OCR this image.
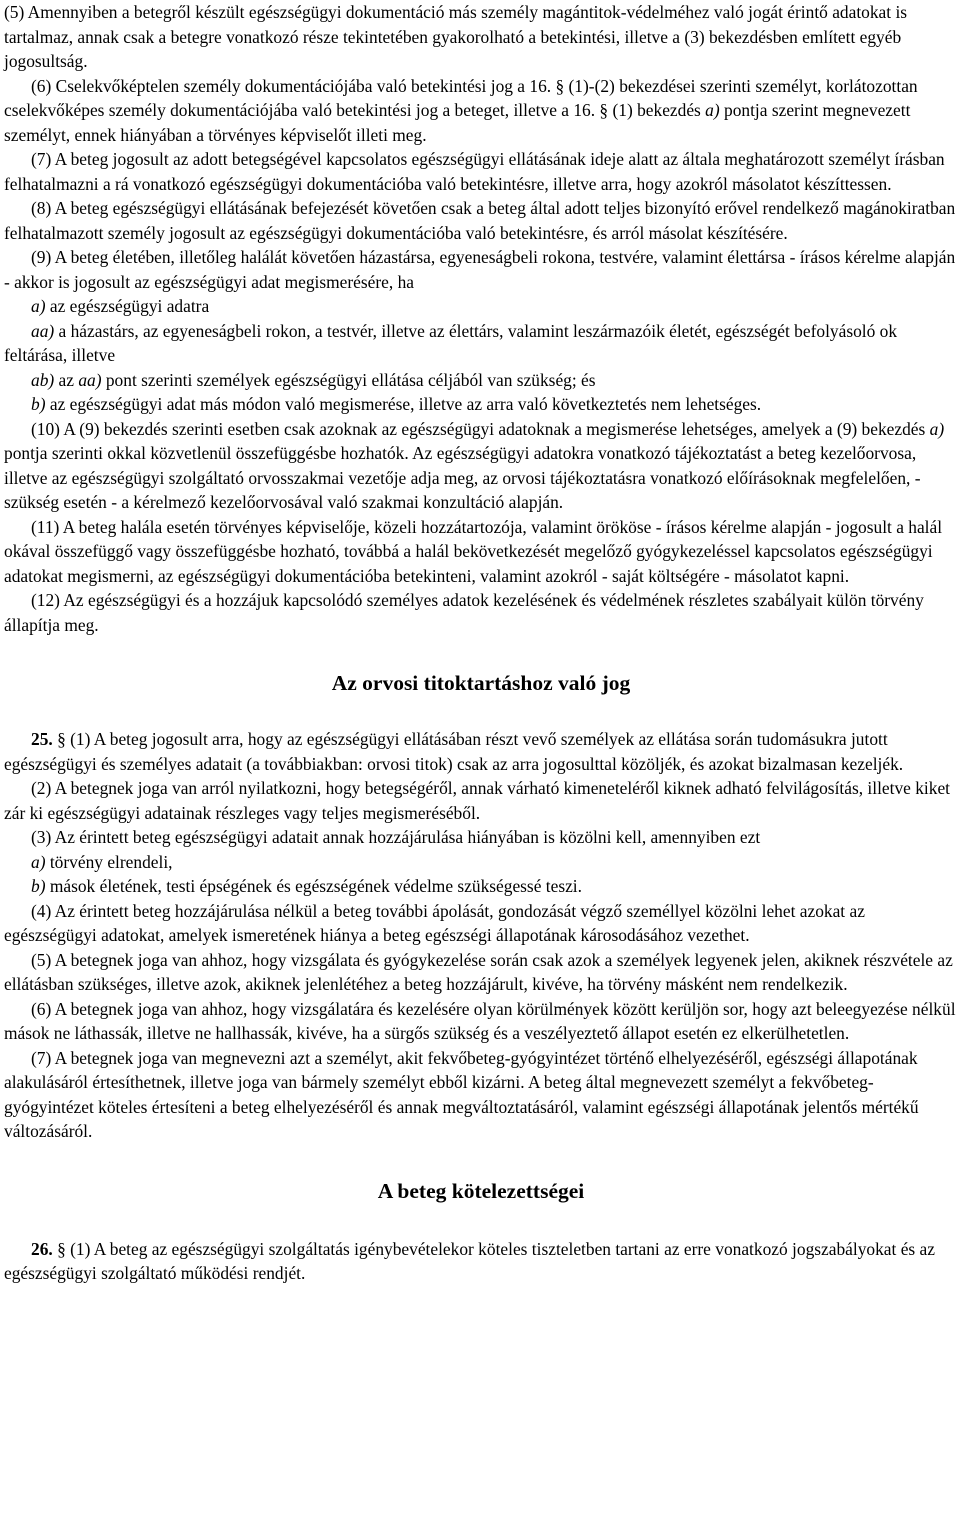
(5) Amennyiben a betegről készült egészségügyi dokumentáció más személy magántitok-védelméhez való jogát érintő adatokat is tartalmaz, annak csak a betegre vonatkozó része tekintetében gyakorolható a betekintési, illetve a (3) bekezdésben említett egyéb jogosultság.

(6) Cselekvőképtelen személy dokumentációjába való betekintési jog a 16. § (1)-(2) bekezdései szerinti személyt, korlátozottan cselekvőképes személy dokumentációjába való betekintési jog a beteget, illetve a 16. § (1) bekezdés a) pontja szerint megnevezett személyt, ennek hiányában a törvényes képviselőt illeti meg.

(7) A beteg jogosult az adott betegségével kapcsolatos egészségügyi ellátásának ideje alatt az általa meghatározott személyt írásban felhatalmazni a rá vonatkozó egészségügyi dokumentációba való betekintésre, illetve arra, hogy azokról másolatot készíttessen.

(8) A beteg egészségügyi ellátásának befejezését követően csak a beteg által adott teljes bizonyító erővel rendelkező magánokiratban felhatalmazott személy jogosult az egészségügyi dokumentációba való betekintésre, és arról másolat készítésére.

(9) A beteg életében, illetőleg halálát követően házastársa, egyeneságbeli rokona, testvére, valamint élettársa - írásos kérelme alapján - akkor is jogosult az egészségügyi adat megismerésére, ha

a) az egészségügyi adatra

aa) a házastárs, az egyeneságbeli rokon, a testvér, illetve az élettárs, valamint leszármazóik életét, egészségét befolyásoló ok feltárása, illetve

ab) az aa) pont szerinti személyek egészségügyi ellátása céljából van szükség; és

b) az egészségügyi adat más módon való megismerése, illetve az arra való következtetés nem lehetséges.

(10) A (9) bekezdés szerinti esetben csak azoknak az egészségügyi adatoknak a megismerése lehetséges, amelyek a (9) bekezdés a) pontja szerinti okkal közvetlenül összefüggésbe hozhatók. Az egészségügyi adatokra vonatkozó tájékoztatást a beteg kezelőorvosa, illetve az egészségügyi szolgáltató orvosszakmai vezetője adja meg, az orvosi tájékoztatásra vonatkozó előírásoknak megfelelően, - szükség esetén - a kérelmező kezelőorvosával való szakmai konzultáció alapján.

(11) A beteg halála esetén törvényes képviselője, közeli hozzátartozója, valamint örököse - írásos kérelme alapján - jogosult a halál okával összefüggő vagy összefüggésbe hozható, továbbá a halál bekövetkezését megelőző gyógykezeléssel kapcsolatos egészségügyi adatokat megismerni, az egészségügyi dokumentációba betekinteni, valamint azokról - saját költségére - másolatot kapni.

(12) Az egészségügyi és a hozzájuk kapcsolódó személyes adatok kezelésének és védelmének részletes szabályait külön törvény állapítja meg.

Az orvosi titoktartáshoz való jog

25. § (1) A beteg jogosult arra, hogy az egészségügyi ellátásában részt vevő személyek az ellátása során tudomásukra jutott egészségügyi és személyes adatait (a továbbiakban: orvosi titok) csak az arra jogosulttal közöljék, és azokat bizalmasan kezeljék.

(2) A betegnek joga van arról nyilatkozni, hogy betegségéről, annak várható kimeneteléről kiknek adható felvilágosítás, illetve kiket zár ki egészségügyi adatainak részleges vagy teljes megismeréséből.

(3) Az érintett beteg egészségügyi adatait annak hozzájárulása hiányában is közölni kell, amennyiben ezt

a) törvény elrendeli,

b) mások életének, testi épségének és egészségének védelme szükségessé teszi.

(4) Az érintett beteg hozzájárulása nélkül a beteg további ápolását, gondozását végző személlyel közölni lehet azokat az egészségügyi adatokat, amelyek ismeretének hiánya a beteg egészségi állapotának károsodásához vezethet.

(5) A betegnek joga van ahhoz, hogy vizsgálata és gyógykezelése során csak azok a személyek legyenek jelen, akiknek részvétele az ellátásban szükséges, illetve azok, akiknek jelenlétéhez a beteg hozzájárult, kivéve, ha törvény másként nem rendelkezik.

(6) A betegnek joga van ahhoz, hogy vizsgálatára és kezelésére olyan körülmények között kerüljön sor, hogy azt beleegyezése nélkül mások ne láthassák, illetve ne hallhassák, kivéve, ha a sürgős szükség és a veszélyeztető állapot esetén ez elkerülhetetlen.

(7) A betegnek joga van megnevezni azt a személyt, akit fekvőbeteg-gyógyintézet történő elhelyezéséről, egészségi állapotának alakulásáról értesíthetnek, illetve joga van bármely személyt ebből kizárni. A beteg által megnevezett személyt a fekvőbeteg-gyógyintézet köteles értesíteni a beteg elhelyezéséről és annak megváltoztatásáról, valamint egészségi állapotának jelentős mértékű változásáról.

A beteg kötelezettségei

26. § (1) A beteg az egészségügyi szolgáltatás igénybevételekor köteles tiszteletben tartani az erre vonatkozó jogszabályokat és az egészségügyi szolgáltató működési rendjét.
